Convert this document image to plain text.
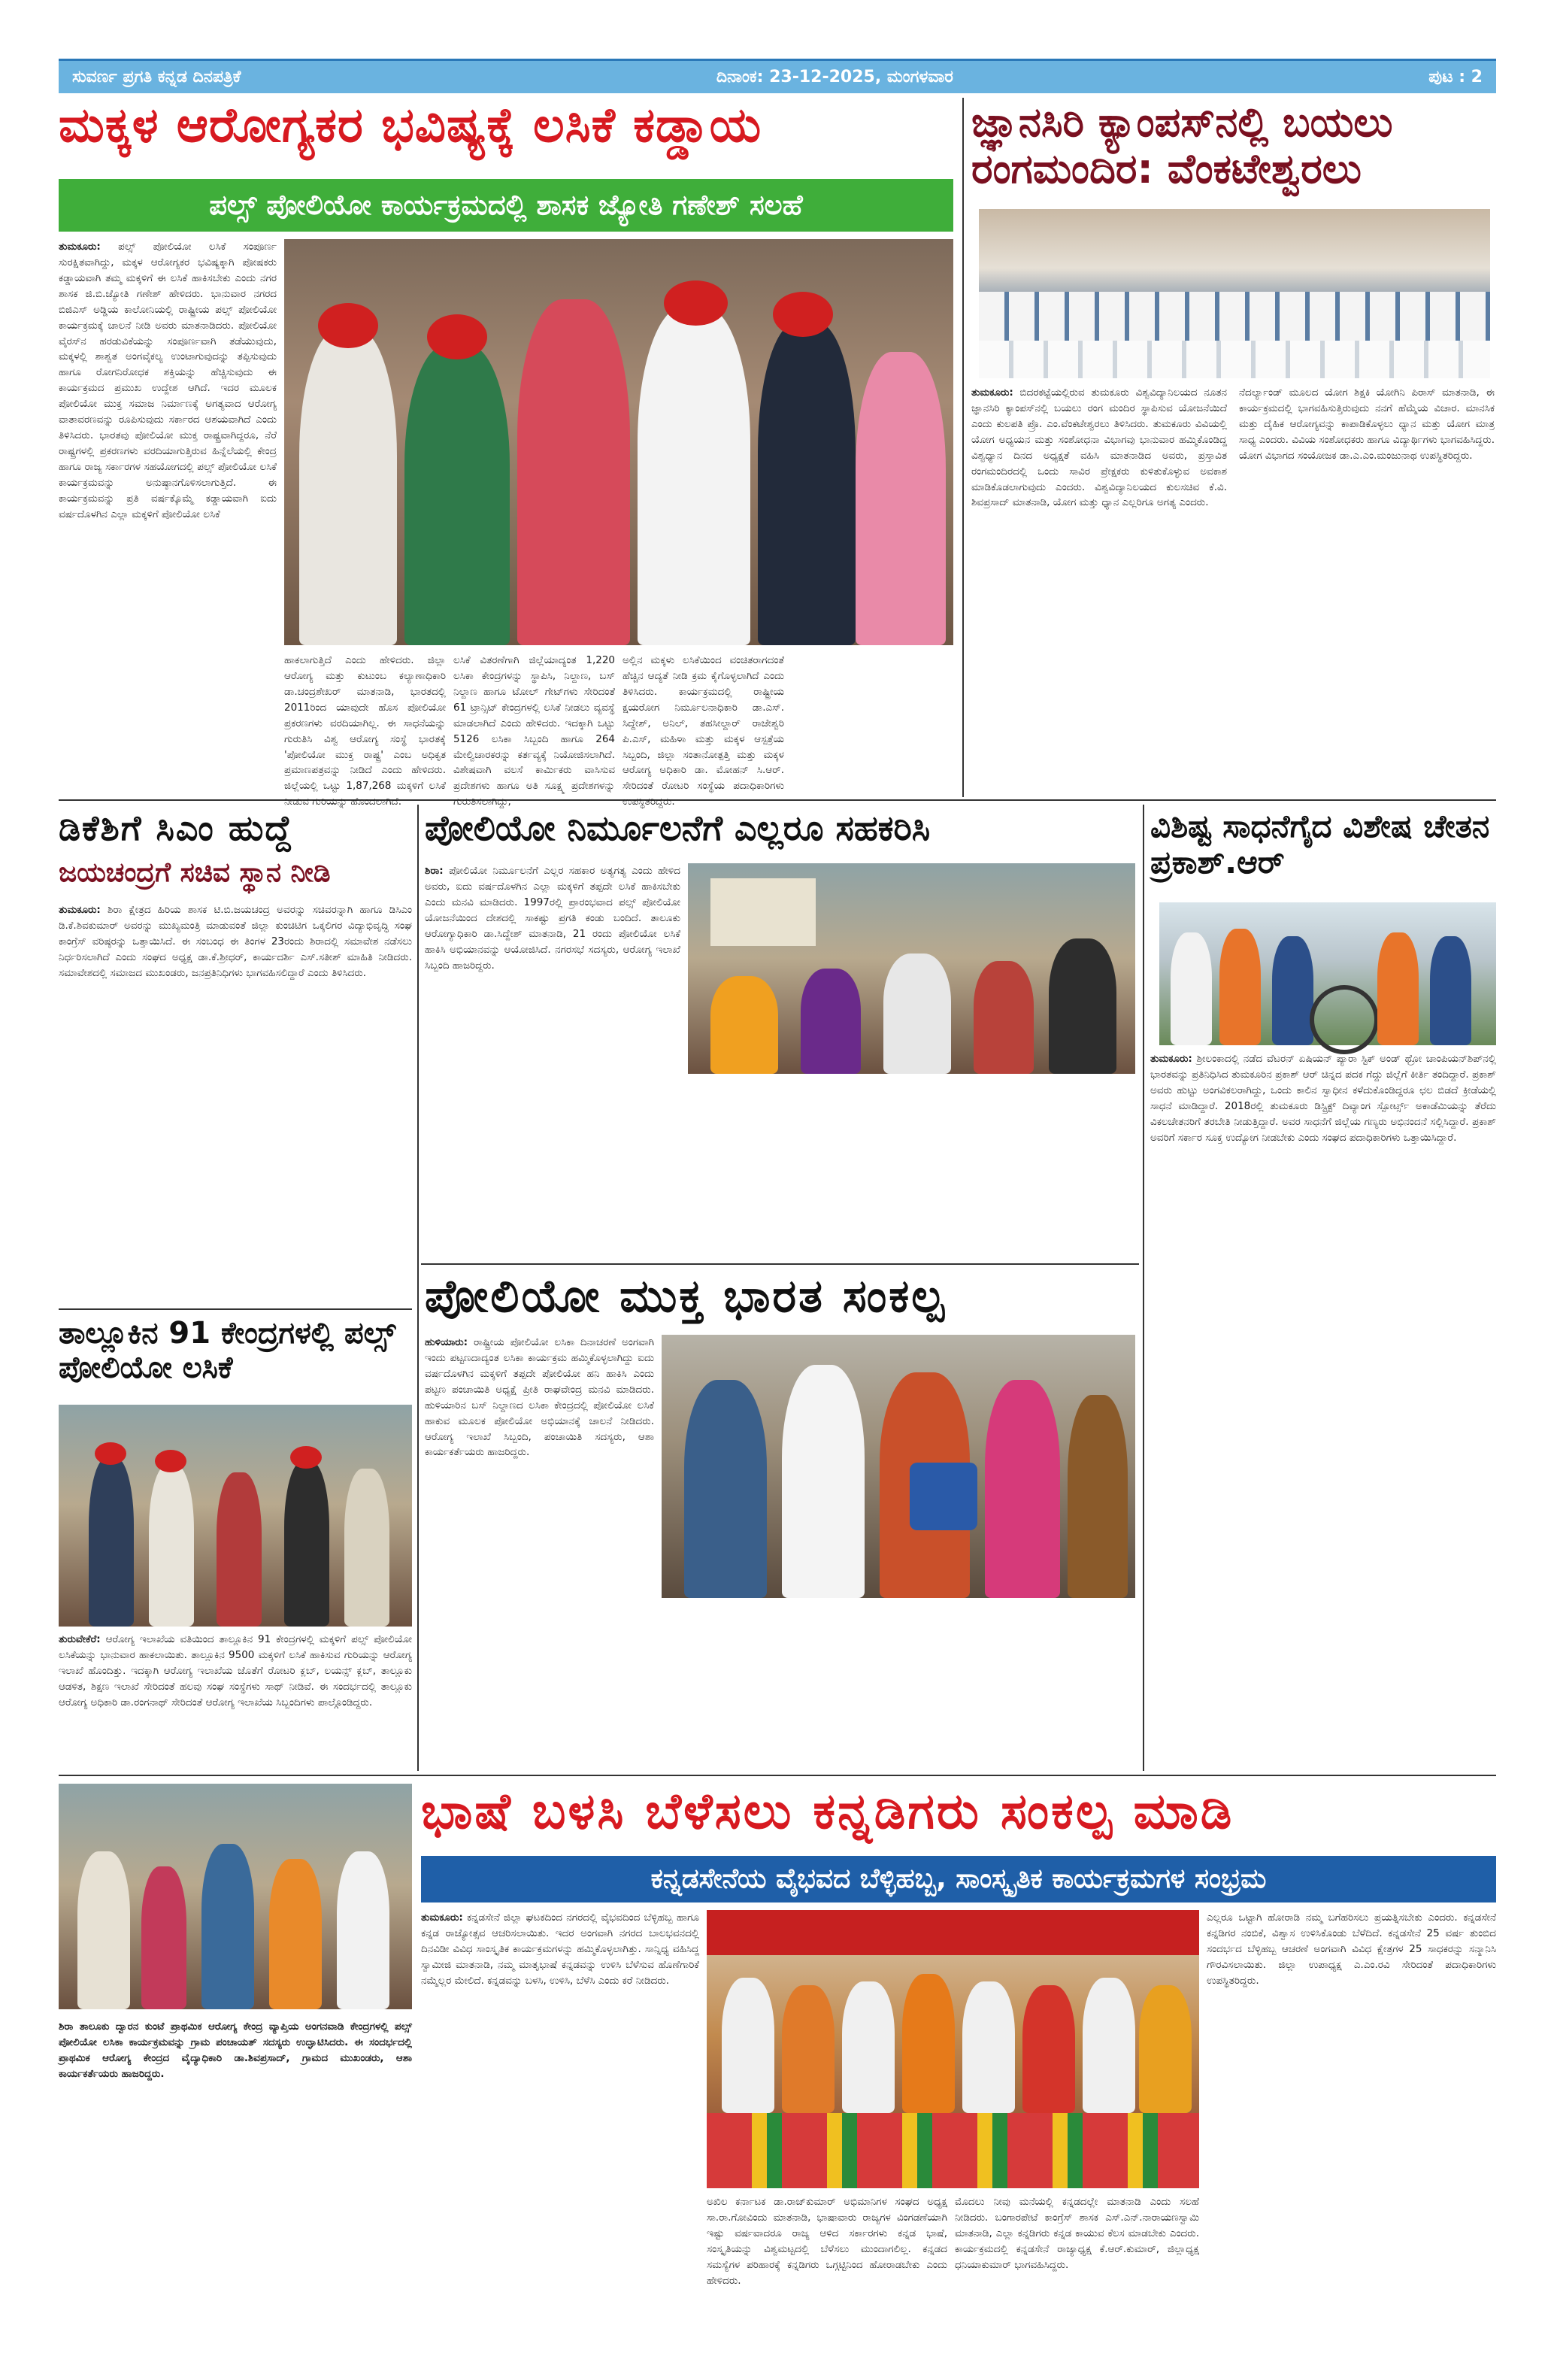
ಸುವರ್ಣ ಪ್ರಗತಿ ಕನ್ನಡ ದಿನಪತ್ರಿಕೆ	ದಿನಾಂಕ: 23-12-2025, ಮಂಗಳವಾರ	ಪುಟ : 2
ಮಕ್ಕಳ ಆರೋಗ್ಯಕರ ಭವಿಷ್ಯಕ್ಕೆ ಲಸಿಕೆ ಕಡ್ಡಾಯ
ಪಲ್ಸ್ ಪೋಲಿಯೋ ಕಾರ್ಯಕ್ರಮದಲ್ಲಿ ಶಾಸಕ ಜ್ಯೋತಿ ಗಣೇಶ್ ಸಲಹೆ
ತುಮಕೂರು: ಪಲ್ಸ್ ಪೋಲಿಯೋ ಲಸಿಕೆ ಸಂಪೂರ್ಣ ಸುರಕ್ಷಿತವಾಗಿದ್ದು, ಮಕ್ಕಳ ಆರೋಗ್ಯಕರ ಭವಿಷ್ಯಕ್ಕಾಗಿ ಪೋಷಕರು ಕಡ್ಡಾಯವಾಗಿ ತಮ್ಮ ಮಕ್ಕಳಿಗೆ ಈ ಲಸಿಕೆ ಹಾಕಿಸಬೇಕು ಎಂದು ನಗರ ಶಾಸಕ ಜಿ.ಬಿ.ಜ್ಯೋತಿ ಗಣೇಶ್ ಹೇಳಿದರು. ಭಾನುವಾರ ನಗರದ ಬಿಜಿಎಸ್ ಅಡ್ಡಿಯ ಕಾಲೋನಿಯಲ್ಲಿ ರಾಷ್ಟ್ರೀಯ ಪಲ್ಸ್ ಪೋಲಿಯೋ ಕಾರ್ಯಕ್ರಮಕ್ಕೆ ಚಾಲನೆ ನೀಡಿ ಅವರು ಮಾತನಾಡಿದರು. ಪೋಲಿಯೋ ವೈರಸ್‌ನ ಹರಡುವಿಕೆಯನ್ನು ಸಂಪೂರ್ಣವಾಗಿ ತಡೆಯುವುದು, ಮಕ್ಕಳಲ್ಲಿ ಶಾಶ್ವತ ಅಂಗವೈಕಲ್ಯ ಉಂಟಾಗುವುದನ್ನು ತಪ್ಪಿಸುವುದು ಹಾಗೂ ರೋಗನಿರೋಧಕ ಶಕ್ತಿಯನ್ನು ಹೆಚ್ಚಿಸುವುದು ಈ ಕಾರ್ಯಕ್ರಮದ ಪ್ರಮುಖ ಉದ್ದೇಶ ಆಗಿದೆ. ಇದರ ಮೂಲಕ ಪೋಲಿಯೋ ಮುಕ್ತ ಸಮಾಜ ನಿರ್ಮಾಣಕ್ಕೆ ಅಗತ್ಯವಾದ ಆರೋಗ್ಯ ವಾತಾವರಣವನ್ನು ರೂಪಿಸುವುದು ಸರ್ಕಾರದ ಆಶಯವಾಗಿದೆ ಎಂದು ತಿಳಿಸಿದರು. ಭಾರತವು ಪೋಲಿಯೋ ಮುಕ್ತ ರಾಷ್ಟ್ರವಾಗಿದ್ದರೂ, ನೆರೆ ರಾಷ್ಟ್ರಗಳಲ್ಲಿ ಪ್ರಕರಣಗಳು ವರದಿಯಾಗುತ್ತಿರುವ ಹಿನ್ನೆಲೆಯಲ್ಲಿ ಕೇಂದ್ರ ಹಾಗೂ ರಾಜ್ಯ ಸರ್ಕಾರಗಳ ಸಹಯೋಗದಲ್ಲಿ ಪಲ್ಸ್ ಪೋಲಿಯೋ ಲಸಿಕೆ ಕಾರ್ಯಕ್ರಮವನ್ನು ಅನುಷ್ಠಾನಗೊಳಿಸಲಾಗುತ್ತಿದೆ. ಈ ಕಾರ್ಯಕ್ರಮವನ್ನು ಪ್ರತಿ ವರ್ಷಕ್ಕೊಮ್ಮೆ ಕಡ್ಡಾಯವಾಗಿ ಐದು ವರ್ಷದೊಳಗಿನ ಎಲ್ಲಾ ಮಕ್ಕಳಿಗೆ ಪೋಲಿಯೋ ಲಸಿಕೆ
ಹಾಕಲಾಗುತ್ತಿದೆ ಎಂದು ಹೇಳಿದರು. ಜಿಲ್ಲಾ ಆರೋಗ್ಯ ಮತ್ತು ಕುಟುಂಬ ಕಲ್ಯಾಣಾಧಿಕಾರಿ ಡಾ.ಚಂದ್ರಶೇಖರ್ ಮಾತನಾಡಿ, ಭಾರತದಲ್ಲಿ 2011ರಿಂದ ಯಾವುದೇ ಹೊಸ ಪೋಲಿಯೋ ಪ್ರಕರಣಗಳು ವರದಿಯಾಗಿಲ್ಲ. ಈ ಸಾಧನೆಯನ್ನು ಗುರುತಿಸಿ ವಿಶ್ವ ಆರೋಗ್ಯ ಸಂಸ್ಥೆ ಭಾರತಕ್ಕೆ 'ಪೋಲಿಯೋ ಮುಕ್ತ ರಾಷ್ಟ್ರ' ಎಂಬ ಅಧಿಕೃತ ಪ್ರಮಾಣಪತ್ರವನ್ನು ನೀಡಿದೆ ಎಂದು ಹೇಳಿದರು. ಜಿಲ್ಲೆಯಲ್ಲಿ ಒಟ್ಟು 1,87,268 ಮಕ್ಕಳಿಗೆ ಲಸಿಕೆ ನೀಡುವ ಗುರಿಯನ್ನು ಹೊಂದಲಾಗಿದೆ.
ಲಸಿಕೆ ವಿತರಣೆಗಾಗಿ ಜಿಲ್ಲೆಯಾದ್ಯಂತ 1,220 ಲಸಿಕಾ ಕೇಂದ್ರಗಳನ್ನು ಸ್ಥಾಪಿಸಿ, ನಿಲ್ದಾಣ, ಬಸ್ ನಿಲ್ದಾಣ ಹಾಗೂ ಟೋಲ್ ಗೇಟ್‌ಗಳು ಸೇರಿದಂತೆ 61 ಟ್ರಾನ್ಸಿಟ್ ಕೇಂದ್ರಗಳಲ್ಲಿ ಲಸಿಕೆ ನೀಡಲು ವ್ಯವಸ್ಥೆ ಮಾಡಲಾಗಿದೆ ಎಂದು ಹೇಳಿದರು. ಇದಕ್ಕಾಗಿ ಒಟ್ಟು 5126 ಲಸಿಕಾ ಸಿಬ್ಬಂದಿ ಹಾಗೂ 264 ಮೇಲ್ವಿಚಾರಕರನ್ನು ಕರ್ತವ್ಯಕ್ಕೆ ನಿಯೋಜಿಸಲಾಗಿದೆ. ವಿಶೇಷವಾಗಿ ವಲಸೆ ಕಾರ್ಮಿಕರು ವಾಸಿಸುವ ಪ್ರದೇಶಗಳು ಹಾಗೂ ಅತಿ ಸೂಕ್ಷ್ಮ ಪ್ರದೇಶಗಳನ್ನು ಗುರುತಿಸಲಾಗಿದ್ದು,
ಅಲ್ಲಿನ ಮಕ್ಕಳು ಲಸಿಕೆಯಿಂದ ವಂಚಿತರಾಗದಂತೆ ಹೆಚ್ಚಿನ ಆದ್ಯತೆ ನೀಡಿ ಕ್ರಮ ಕೈಗೊಳ್ಳಲಾಗಿದೆ ಎಂದು ತಿಳಿಸಿದರು. ಕಾರ್ಯಕ್ರಮದಲ್ಲಿ ರಾಷ್ಟ್ರೀಯ ಕ್ಷಯರೋಗ ನಿರ್ಮೂಲನಾಧಿಕಾರಿ ಡಾ.ಎಸ್. ಸಿದ್ದೇಶ್, ಅನಿಲ್, ತಹಸೀಲ್ದಾರ್ ರಾಜೇಶ್ವರಿ ಪಿ.ಎಸ್, ಮಹಿಳಾ ಮತ್ತು ಮಕ್ಕಳ ಆಸ್ಪತ್ರೆಯ ಸಿಬ್ಬಂದಿ, ಜಿಲ್ಲಾ ಸಂತಾನೋತ್ಪತ್ತಿ ಮತ್ತು ಮಕ್ಕಳ ಆರೋಗ್ಯ ಅಧಿಕಾರಿ ಡಾ. ಮೋಹನ್ ಸಿ.ಆರ್. ಸೇರಿದಂತೆ ರೋಟರಿ ಸಂಸ್ಥೆಯ ಪದಾಧಿಕಾರಿಗಳು ಉಪಸ್ಥಿತರಿದ್ದರು.
ಜ್ಞಾನಸಿರಿ ಕ್ಯಾಂಪಸ್‌ನಲ್ಲಿ ಬಯಲು ರಂಗಮಂದಿರ: ವೆಂಕಟೇಶ್ವರಲು
ತುಮಕೂರು: ಬಿದರಕಟ್ಟೆಯಲ್ಲಿರುವ ತುಮಕೂರು ವಿಶ್ವವಿದ್ಯಾನಿಲಯದ ನೂತನ ಜ್ಞಾನಸಿರಿ ಕ್ಯಾಂಪಸ್‌ನಲ್ಲಿ ಬಯಲು ರಂಗ ಮಂದಿರ ಸ್ಥಾಪಿಸುವ ಯೋಜನೆಯಿದೆ ಎಂದು ಕುಲಪತಿ ಪ್ರೊ. ಎಂ.ವೆಂಕಟೇಶ್ವರಲು ತಿಳಿಸಿದರು. ತುಮಕೂರು ವಿವಿಯಲ್ಲಿ ಯೋಗ ಅಧ್ಯಯನ ಮತ್ತು ಸಂಶೋಧನಾ ವಿಭಾಗವು ಭಾನುವಾರ ಹಮ್ಮಿಕೊಂಡಿದ್ದ ವಿಶ್ವಧ್ಯಾನ ದಿನದ ಅಧ್ಯಕ್ಷತೆ ವಹಿಸಿ ಮಾತನಾಡಿದ ಅವರು, ಪ್ರಸ್ತಾವಿತ ರಂಗಮಂದಿರದಲ್ಲಿ ಒಂದು ಸಾವಿರ ಪ್ರೇಕ್ಷಕರು ಕುಳಿತುಕೊಳ್ಳುವ ಅವಕಾಶ ಮಾಡಿಕೊಡಲಾಗುವುದು ಎಂದರು. ವಿಶ್ವವಿದ್ಯಾನಿಲಯದ ಕುಲಸಚಿವ ಕೆ.ವಿ. ಶಿವಪ್ರಸಾದ್ ಮಾತನಾಡಿ, ಯೋಗ ಮತ್ತು ಧ್ಯಾನ ಎಲ್ಲರಿಗೂ ಅಗತ್ಯ ಎಂದರು.
ನೆದರ್ಲ್ಯಾಂಡ್ ಮೂಲದ ಯೋಗ ಶಿಕ್ಷಕಿ ಯೋಗಿನಿ ಪಿರಾಸ್ ಮಾತನಾಡಿ, ಈ ಕಾರ್ಯಕ್ರಮದಲ್ಲಿ ಭಾಗವಹಿಸುತ್ತಿರುವುದು ನನಗೆ ಹೆಮ್ಮೆಯ ವಿಚಾರ. ಮಾನಸಿಕ ಮತ್ತು ದೈಹಿಕ ಆರೋಗ್ಯವನ್ನು ಕಾಪಾಡಿಕೊಳ್ಳಲು ಧ್ಯಾನ ಮತ್ತು ಯೋಗ ಮಾತ್ರ ಸಾಧ್ಯ ಎಂದರು. ವಿವಿಯ ಸಂಶೋಧಕರು ಹಾಗೂ ವಿದ್ಯಾರ್ಥಿಗಳು ಭಾಗವಹಿಸಿದ್ದರು. ಯೋಗ ವಿಭಾಗದ ಸಂಯೋಜಕ ಡಾ.ಎ.ಎಂ.ಮಂಜುನಾಥ ಉಪಸ್ಥಿತರಿದ್ದರು.
ಡಿಕೆಶಿಗೆ ಸಿಎಂ ಹುದ್ದೆ
ಜಯಚಂದ್ರಗೆ ಸಚಿವ ಸ್ಥಾನ ನೀಡಿ
ತುಮಕೂರು: ಶಿರಾ ಕ್ಷೇತ್ರದ ಹಿರಿಯ ಶಾಸಕ ಟಿ.ಬಿ.ಜಯಚಂದ್ರ ಅವರನ್ನು ಸಚಿವರನ್ನಾಗಿ ಹಾಗೂ ಡಿಸಿಎಂ ಡಿ.ಕೆ.ಶಿವಕುಮಾರ್ ಅವರನ್ನು ಮುಖ್ಯಮಂತ್ರಿ ಮಾಡುವಂತೆ ಜಿಲ್ಲಾ ಕುಂಚಿಟಿಗ ಒಕ್ಕಲಿಗರ ವಿದ್ಯಾಭಿವೃದ್ಧಿ ಸಂಘ ಕಾಂಗ್ರೆಸ್ ವರಿಷ್ಠರನ್ನು ಒತ್ತಾಯಿಸಿದೆ. ಈ ಸಂಬಂಧ ಈ ತಿಂಗಳ 23ರಂದು ಶಿರಾದಲ್ಲಿ ಸಮಾವೇಶ ನಡೆಸಲು ನಿರ್ಧರಿಸಲಾಗಿದೆ ಎಂದು ಸಂಘದ ಅಧ್ಯಕ್ಷ ಡಾ.ಕೆ.ಶ್ರೀಧರ್, ಕಾರ್ಯದರ್ಶಿ ಎಸ್.ಸತೀಶ್ ಮಾಹಿತಿ ನೀಡಿದರು. ಸಮಾವೇಶದಲ್ಲಿ ಸಮಾಜದ ಮುಖಂಡರು, ಜನಪ್ರತಿನಿಧಿಗಳು ಭಾಗವಹಿಸಲಿದ್ದಾರೆ ಎಂದು ತಿಳಿಸಿದರು.
ತಾಲ್ಲೂಕಿನ 91 ಕೇಂದ್ರಗಳಲ್ಲಿ ಪಲ್ಸ್ ಪೋಲಿಯೋ ಲಸಿಕೆ
ತುರುವೇಕೆರೆ: ಆರೋಗ್ಯ ಇಲಾಖೆಯ ವತಿಯಿಂದ ತಾಲ್ಲೂಕಿನ 91 ಕೇಂದ್ರಗಳಲ್ಲಿ ಮಕ್ಕಳಿಗೆ ಪಲ್ಸ್ ಪೋಲಿಯೋ ಲಸಿಕೆಯನ್ನು ಭಾನುವಾರ ಹಾಕಲಾಯಿತು. ತಾಲ್ಲೂಕಿನ 9500 ಮಕ್ಕಳಿಗೆ ಲಸಿಕೆ ಹಾಕಿಸುವ ಗುರಿಯನ್ನು ಆರೋಗ್ಯ ಇಲಾಖೆ ಹೊಂದಿತ್ತು. ಇದಕ್ಕಾಗಿ ಆರೋಗ್ಯ ಇಲಾಖೆಯ ಜೊತೆಗೆ ರೋಟರಿ ಕ್ಲಬ್, ಲಯನ್ಸ್ ಕ್ಲಬ್, ತಾಲ್ಲೂಕು ಆಡಳಿತ, ಶಿಕ್ಷಣ ಇಲಾಖೆ ಸೇರಿದಂತೆ ಹಲವು ಸಂಘ ಸಂಸ್ಥೆಗಳು ಸಾಥ್ ನೀಡಿವೆ. ಈ ಸಂದರ್ಭದಲ್ಲಿ ತಾಲ್ಲೂಕು ಆರೋಗ್ಯ ಅಧಿಕಾರಿ ಡಾ.ರಂಗನಾಥ್ ಸೇರಿದಂತೆ ಆರೋಗ್ಯ ಇಲಾಖೆಯ ಸಿಬ್ಬಂದಿಗಳು ಪಾಲ್ಗೊಂಡಿದ್ದರು.
ಪೋಲಿಯೋ ನಿರ್ಮೂಲನೆಗೆ ಎಲ್ಲರೂ ಸಹಕರಿಸಿ
ಶಿರಾ: ಪೋಲಿಯೋ ನಿರ್ಮೂಲನೆಗೆ ಎಲ್ಲರ ಸಹಕಾರ ಅತ್ಯಗತ್ಯ ಎಂದು ಹೇಳಿದ ಅವರು, ಐದು ವರ್ಷದೊಳಗಿನ ಎಲ್ಲಾ ಮಕ್ಕಳಿಗೆ ತಪ್ಪದೇ ಲಸಿಕೆ ಹಾಕಿಸಬೇಕು ಎಂದು ಮನವಿ ಮಾಡಿದರು. 1997ರಲ್ಲಿ ಪ್ರಾರಂಭವಾದ ಪಲ್ಸ್ ಪೋಲಿಯೋ ಯೋಜನೆಯಿಂದ ದೇಶದಲ್ಲಿ ಸಾಕಷ್ಟು ಪ್ರಗತಿ ಕಂಡು ಬಂದಿದೆ. ತಾಲೂಕು ಆರೋಗ್ಯಾಧಿಕಾರಿ ಡಾ.ಸಿದ್ದೇಶ್ ಮಾತನಾಡಿ, 21 ರಂದು ಪೋಲಿಯೋ ಲಸಿಕೆ ಹಾಕಿಸಿ ಅಭಿಯಾನವನ್ನು ಆಯೋಜಿಸಿದೆ. ನಗರಸಭೆ ಸದಸ್ಯರು, ಆರೋಗ್ಯ ಇಲಾಖೆ ಸಿಬ್ಬಂದಿ ಹಾಜರಿದ್ದರು.
ಪೋಲಿಯೋ ಮುಕ್ತ ಭಾರತ ಸಂಕಲ್ಪ
ಹುಳಿಯಾರು: ರಾಷ್ಟ್ರೀಯ ಪೋಲಿಯೋ ಲಸಿಕಾ ದಿನಾಚರಣೆ ಅಂಗವಾಗಿ ಇಂದು ಪಟ್ಟಣದಾದ್ಯಂತ ಲಸಿಕಾ ಕಾರ್ಯಕ್ರಮ ಹಮ್ಮಿಕೊಳ್ಳಲಾಗಿದ್ದು ಐದು ವರ್ಷದೊಳಗಿನ ಮಕ್ಕಳಿಗೆ ತಪ್ಪದೇ ಪೋಲಿಯೋ ಹನಿ ಹಾಕಿಸಿ ಎಂದು ಪಟ್ಟಣ ಪಂಚಾಯಿತಿ ಅಧ್ಯಕ್ಷೆ ಪ್ರೀತಿ ರಾಘವೇಂದ್ರ ಮನವಿ ಮಾಡಿದರು. ಹುಳಿಯಾರಿನ ಬಸ್ ನಿಲ್ದಾಣದ ಲಸಿಕಾ ಕೇಂದ್ರದಲ್ಲಿ ಪೋಲಿಯೋ ಲಸಿಕೆ ಹಾಕುವ ಮೂಲಕ ಪೋಲಿಯೋ ಅಭಿಯಾನಕ್ಕೆ ಚಾಲನೆ ನೀಡಿದರು. ಆರೋಗ್ಯ ಇಲಾಖೆ ಸಿಬ್ಬಂದಿ, ಪಂಚಾಯಿತಿ ಸದಸ್ಯರು, ಆಶಾ ಕಾರ್ಯಕರ್ತೆಯರು ಹಾಜರಿದ್ದರು.
ವಿಶಿಷ್ಟ ಸಾಧನೆಗೈದ ವಿಶೇಷ ಚೇತನ ಪ್ರಕಾಶ್.ಆರ್
ತುಮಕೂರು: ಶ್ರೀಲಂಕಾದಲ್ಲಿ ನಡೆದ ವೆಟರನ್ ಏಷಿಯನ್ ಪ್ಯಾರಾ ಸ್ಟಿಕ್ ಅಂಡ್ ಥ್ರೋ ಚಾಂಪಿಯನ್‌ಶಿಪ್‌ನಲ್ಲಿ ಭಾರತವನ್ನು ಪ್ರತಿನಿಧಿಸಿದ ತುಮಕೂರಿನ ಪ್ರಕಾಶ್ ಆರ್ ಚಿನ್ನದ ಪದಕ ಗೆದ್ದು ಜಿಲ್ಲೆಗೆ ಕೀರ್ತಿ ತಂದಿದ್ದಾರೆ. ಪ್ರಕಾಶ್ ಅವರು ಹುಟ್ಟು ಅಂಗವಿಕಲರಾಗಿದ್ದು, ಒಂದು ಕಾಲಿನ ಸ್ವಾಧೀನ ಕಳೆದುಕೊಂಡಿದ್ದರೂ ಛಲ ಬಿಡದೆ ಕ್ರೀಡೆಯಲ್ಲಿ ಸಾಧನೆ ಮಾಡಿದ್ದಾರೆ. 2018ರಲ್ಲಿ ತುಮಕೂರು ಡಿಸ್ಟ್ರಿಕ್ಟ್ ದಿವ್ಯಾಂಗ ಸ್ಪೋರ್ಟ್ಸ್ ಅಕಾಡೆಮಿಯನ್ನು ತೆರೆದು ವಿಕಲಚೇತನರಿಗೆ ತರಬೇತಿ ನೀಡುತ್ತಿದ್ದಾರೆ. ಅವರ ಸಾಧನೆಗೆ ಜಿಲ್ಲೆಯ ಗಣ್ಯರು ಅಭಿನಂದನೆ ಸಲ್ಲಿಸಿದ್ದಾರೆ. ಪ್ರಕಾಶ್ ಅವರಿಗೆ ಸರ್ಕಾರ ಸೂಕ್ತ ಉದ್ಯೋಗ ನೀಡಬೇಕು ಎಂದು ಸಂಘದ ಪದಾಧಿಕಾರಿಗಳು ಒತ್ತಾಯಿಸಿದ್ದಾರೆ.
ಭಾಷೆ ಬಳಸಿ ಬೆಳೆಸಲು ಕನ್ನಡಿಗರು ಸಂಕಲ್ಪ ಮಾಡಿ
ಕನ್ನಡಸೇನೆಯ ವೈಭವದ ಬೆಳ್ಳಿಹಬ್ಬ, ಸಾಂಸ್ಕೃತಿಕ ಕಾರ್ಯಕ್ರಮಗಳ ಸಂಭ್ರಮ
ಶಿರಾ ತಾಲೂಕು ದ್ವಾರನ ಕುಂಟೆ ಪ್ರಾಥಮಿಕ ಆರೋಗ್ಯ ಕೇಂದ್ರ ವ್ಯಾಪ್ತಿಯ ಅಂಗನವಾಡಿ ಕೇಂದ್ರಗಳಲ್ಲಿ ಪಲ್ಸ್ ಪೋಲಿಯೋ ಲಸಿಕಾ ಕಾರ್ಯಕ್ರಮವನ್ನು ಗ್ರಾಮ ಪಂಚಾಯತ್ ಸದಸ್ಯರು ಉದ್ಘಾಟಿಸಿದರು. ಈ ಸಂದರ್ಭದಲ್ಲಿ ಪ್ರಾಥಮಿಕ ಆರೋಗ್ಯ ಕೇಂದ್ರದ ವೈದ್ಯಾಧಿಕಾರಿ ಡಾ.ಶಿವಪ್ರಸಾದ್, ಗ್ರಾಮದ ಮುಖಂಡರು, ಆಶಾ ಕಾರ್ಯಕರ್ತೆಯರು ಹಾಜರಿದ್ದರು.
ತುಮಕೂರು: ಕನ್ನಡಸೇನೆ ಜಿಲ್ಲಾ ಘಟಕದಿಂದ ನಗರದಲ್ಲಿ ವೈಭವದಿಂದ ಬೆಳ್ಳಿಹಬ್ಬ ಹಾಗೂ ಕನ್ನಡ ರಾಜ್ಯೋತ್ಸವ ಆಚರಿಸಲಾಯಿತು. ಇದರ ಅಂಗವಾಗಿ ನಗರದ ಬಾಲಭವನದಲ್ಲಿ ದಿನವಿಡೀ ವಿವಿಧ ಸಾಂಸ್ಕೃತಿಕ ಕಾರ್ಯಕ್ರಮಗಳನ್ನು ಹಮ್ಮಿಕೊಳ್ಳಲಾಗಿತ್ತು. ಸಾನ್ನಿಧ್ಯ ವಹಿಸಿದ್ದ ಸ್ವಾಮೀಜಿ ಮಾತನಾಡಿ, ನಮ್ಮ ಮಾತೃಭಾಷೆ ಕನ್ನಡವನ್ನು ಉಳಿಸಿ ಬೆಳೆಸುವ ಹೊಣೆಗಾರಿಕೆ ನಮ್ಮೆಲ್ಲರ ಮೇಲಿದೆ. ಕನ್ನಡವನ್ನು ಬಳಸಿ, ಉಳಿಸಿ, ಬೆಳೆಸಿ ಎಂದು ಕರೆ ನೀಡಿದರು.
ಎಲ್ಲರೂ ಒಟ್ಟಾಗಿ ಹೋರಾಡಿ ನಮ್ಮ ಬಗೆಹರಿಸಲು ಪ್ರಯತ್ನಿಸಬೇಕು ಎಂದರು. ಕನ್ನಡಸೇನೆ ಕನ್ನಡಿಗರ ನಂಬಿಕೆ, ವಿಶ್ವಾಸ ಉಳಿಸಿಕೊಂಡು ಬೆಳೆದಿದೆ. ಕನ್ನಡಸೇನೆ 25 ವರ್ಷ ತುಂಬಿದ ಸಂದರ್ಭದ ಬೆಳ್ಳಿಹಬ್ಬ ಆಚರಣೆ ಅಂಗವಾಗಿ ವಿವಿಧ ಕ್ಷೇತ್ರಗಳ 25 ಸಾಧಕರನ್ನು ಸನ್ಮಾನಿಸಿ ಗೌರವಿಸಲಾಯಿತು. ಜಿಲ್ಲಾ ಉಪಾಧ್ಯಕ್ಷ ಎ.ಎಂ.ರವಿ ಸೇರಿದಂತೆ ಪದಾಧಿಕಾರಿಗಳು ಉಪಸ್ಥಿತರಿದ್ದರು.
ಅಖಿಲ ಕರ್ನಾಟಕ ಡಾ.ರಾಜ್‌ಕುಮಾರ್ ಅಭಿಮಾನಿಗಳ ಸಂಘದ ಅಧ್ಯಕ್ಷ ಸಾ.ರಾ.ಗೋವಿಂದು ಮಾತನಾಡಿ, ಭಾಷಾವಾರು ರಾಜ್ಯಗಳ ವಿಂಗಡಣೆಯಾಗಿ ಇಷ್ಟು ವರ್ಷವಾದರೂ ರಾಜ್ಯ ಆಳಿದ ಸರ್ಕಾರಗಳು ಕನ್ನಡ ಭಾಷೆ, ಸಂಸ್ಕೃತಿಯನ್ನು ವಿಶ್ವಮಟ್ಟದಲ್ಲಿ ಬೆಳೆಸಲು ಮುಂದಾಗಲಿಲ್ಲ. ಕನ್ನಡದ ಸಮಸ್ಯೆಗಳ ಪರಿಹಾರಕ್ಕೆ ಕನ್ನಡಿಗರು ಒಗ್ಗಟ್ಟಿನಿಂದ ಹೋರಾಡಬೇಕು ಎಂದು ಹೇಳಿದರು.
ಮೊದಲು ನೀವು ಮನೆಯಲ್ಲಿ ಕನ್ನಡದಲ್ಲೇ ಮಾತನಾಡಿ ಎಂದು ಸಲಹೆ ನೀಡಿದರು. ಬಂಗಾರಪೇಟೆ ಕಾಂಗ್ರೆಸ್ ಶಾಸಕ ಎಸ್.ಎನ್.ನಾರಾಯಣಸ್ವಾಮಿ ಮಾತನಾಡಿ, ಎಲ್ಲಾ ಕನ್ನಡಿಗರು ಕನ್ನಡ ಕಾಯುವ ಕೆಲಸ ಮಾಡಬೇಕು ಎಂದರು. ಕಾರ್ಯಕ್ರಮದಲ್ಲಿ ಕನ್ನಡಸೇನೆ ರಾಜ್ಯಾಧ್ಯಕ್ಷ ಕೆ.ಆರ್.ಕುಮಾರ್, ಜಿಲ್ಲಾಧ್ಯಕ್ಷ ಧನಿಯಾಕುಮಾರ್ ಭಾಗವಹಿಸಿದ್ದರು.
